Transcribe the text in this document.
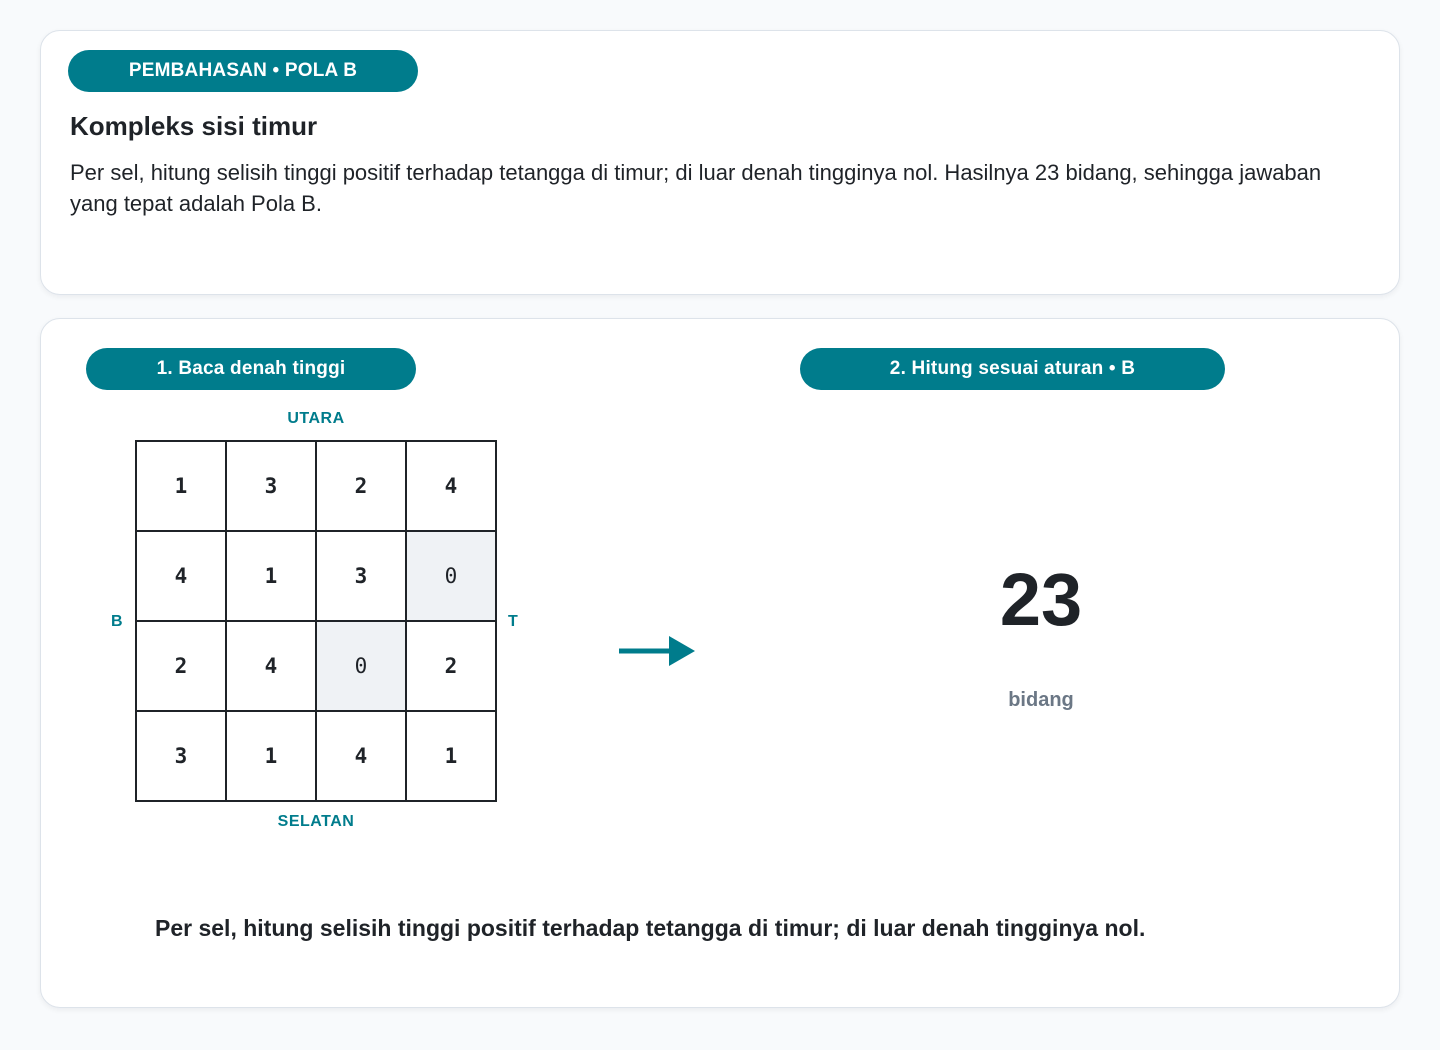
PEMBAHASAN • POLA B
Kompleks sisi timur
Per sel, hitung selisih tinggi positif terhadap tetangga di timur; di luar denah tingginya nol. Hasilnya 23 bidang, sehingga jawaban yang tepat adalah Pola B.
1. Baca denah tinggi	2. Hitung sesuai aturan • B
UTARA
SELATAN
B	T
1	3	2	4
4	1	3	0
2	4	0	2
3	1	4	1
23
bidang
Per sel, hitung selisih tinggi positif terhadap tetangga di timur; di luar denah tingginya nol.
